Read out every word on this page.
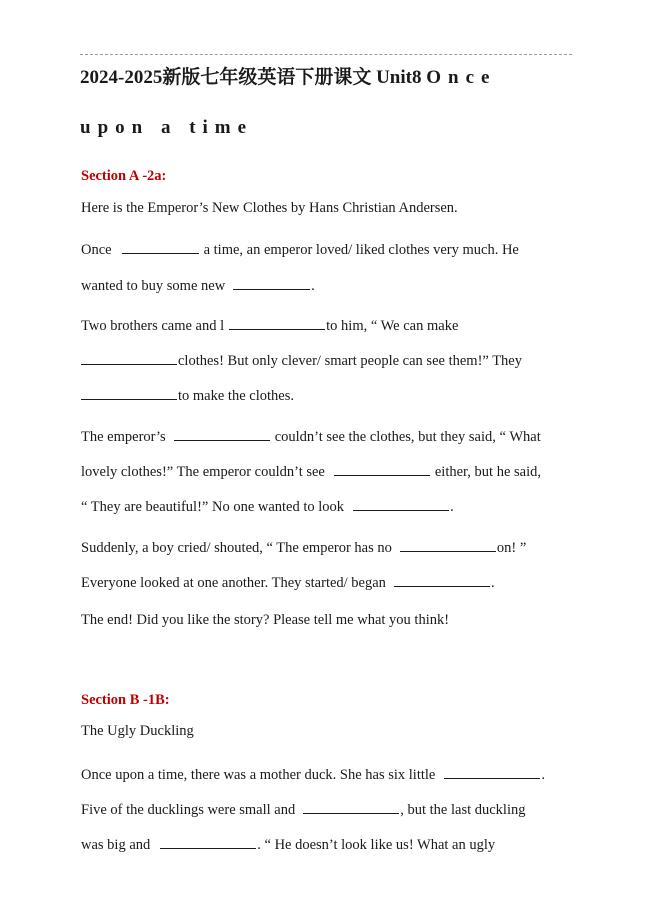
2024-2025新版七年级英语下册课文 Unit8 Once
upon a time
Section A -2a:

Here is the Emperor’s New Clothes by Hans Christian Andersen.

Once	a time, an emperor loved/ liked clothes very much. He

wanted to buy some new	.

Two brothers came and l	to him, “ We can make

clothes! But only clever/ smart people can see them!” They

to make the clothes.

The emperor’s	couldn’t see the clothes, but they said, “ What

lovely clothes!” The emperor couldn’t see	either, but he said,

“ They are beautiful!” No one wanted to look	.

Suddenly, a boy cried/ shouted, “ The emperor has no	on! ”

Everyone looked at one another. They started/ began	.

The end! Did you like the story? Please tell me what you think!

Section B -1B:

The Ugly Duckling

Once upon a time, there was a mother duck. She has six little	.

Five of the ducklings were small and	, but the last duckling

was big and	. “ He doesn’t look like us! What an ugly
